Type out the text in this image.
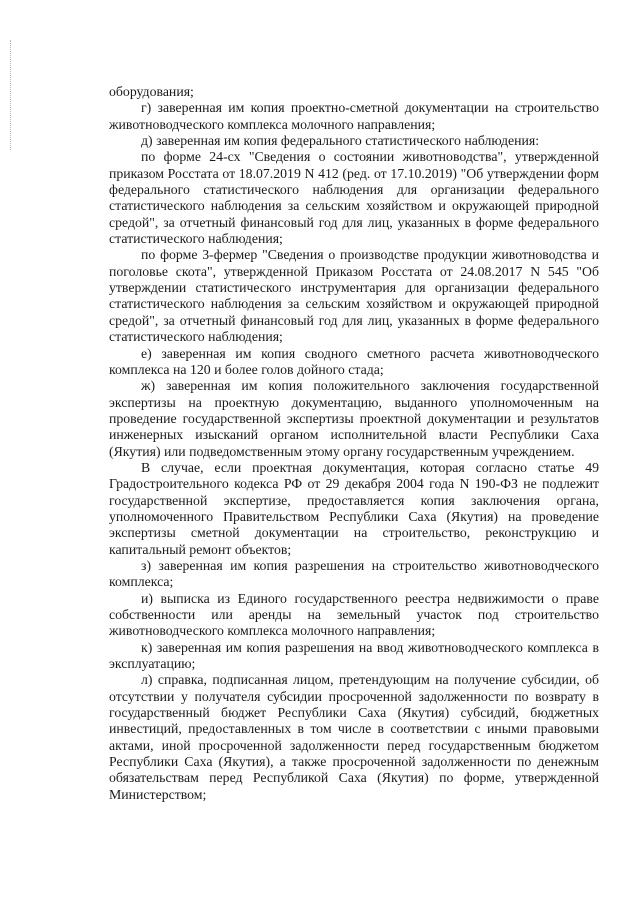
оборудования;

г) заверенная им копия проектно-сметной документации на строительство животноводческого комплекса молочного направления;

д) заверенная им копия федерального статистического наблюдения:

по форме 24-сх "Сведения о состоянии животноводства", утвержденной приказом Росстата от 18.07.2019 N 412 (ред. от 17.10.2019) "Об утверждении форм федерального статистического наблюдения для организации федерального статистического наблюдения за сельским хозяйством и окружающей природной средой", за отчетный финансовый год для лиц, указанных в форме федерального статистического наблюдения;

по форме 3-фермер "Сведения о производстве продукции животноводства и поголовье скота", утвержденной Приказом Росстата от 24.08.2017 N 545 "Об утверждении статистического инструментария для организации федерального статистического наблюдения за сельским хозяйством и окружающей природной средой", за отчетный финансовый год для лиц, указанных в форме федерального статистического наблюдения;

е) заверенная им копия сводного сметного расчета животноводческого комплекса на 120 и более голов дойного стада;

ж) заверенная им копия положительного заключения государственной экспертизы на проектную документацию, выданного уполномоченным на проведение государственной экспертизы проектной документации и результатов инженерных изысканий органом исполнительной власти Республики Саха (Якутия) или подведомственным этому органу государственным учреждением.

В случае, если проектная документация, которая согласно статье 49 Градостроительного кодекса РФ от 29 декабря 2004 года N 190-ФЗ не подлежит государственной экспертизе, предоставляется копия заключения органа, уполномоченного Правительством Республики Саха (Якутия) на проведение экспертизы сметной документации на строительство, реконструкцию и капитальный ремонт объектов;

з) заверенная им копия разрешения на строительство животноводческого комплекса;

и) выписка из Единого государственного реестра недвижимости о праве собственности или аренды на земельный участок под строительство животноводческого комплекса молочного направления;

к) заверенная им копия разрешения на ввод животноводческого комплекса в эксплуатацию;

л) справка, подписанная лицом, претендующим на получение субсидии, об отсутствии у получателя субсидии просроченной задолженности по возврату в государственный бюджет Республики Саха (Якутия) субсидий, бюджетных инвестиций, предоставленных в том числе в соответствии с иными правовыми актами, иной просроченной задолженности перед государственным бюджетом Республики Саха (Якутия), а также просроченной задолженности по денежным обязательствам перед Республикой Саха (Якутия) по форме, утвержденной Министерством;
